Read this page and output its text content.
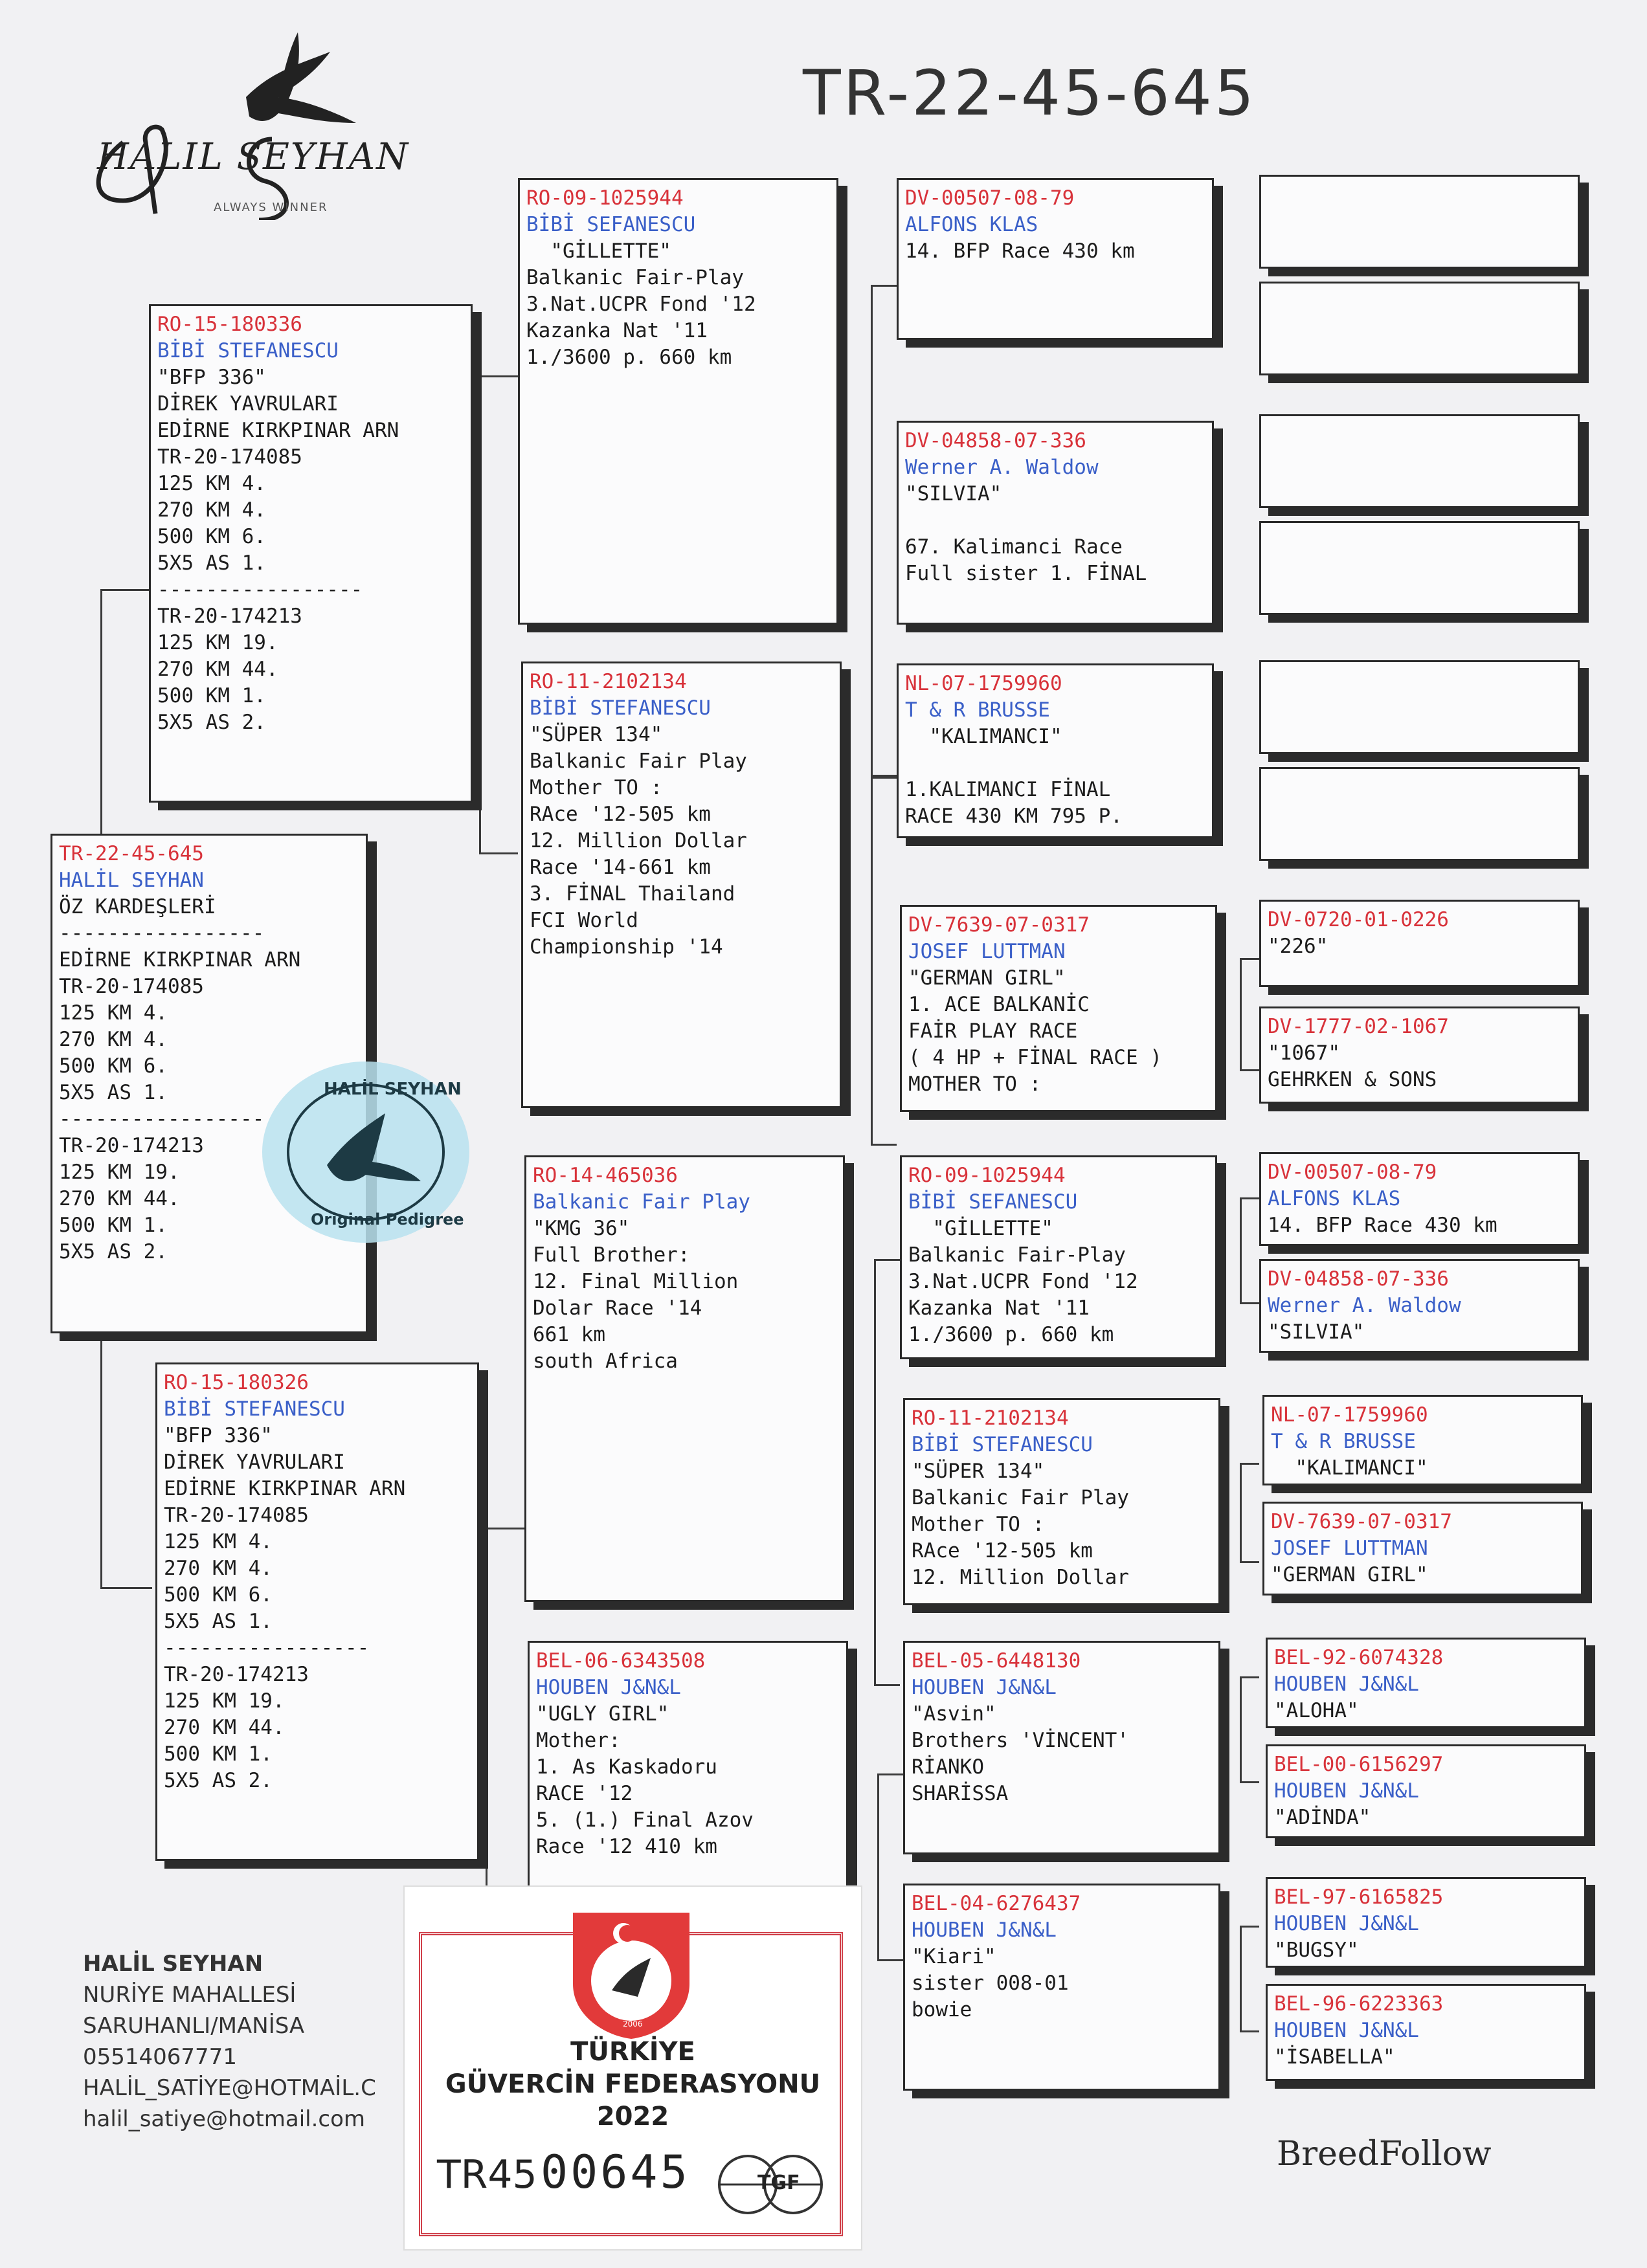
HALIL SEYHAN
ALWAYS WINNER
TR-22-45-645
TR-22-45-645
HALİL SEYHAN
ÖZ KARDEŞLERİ
-----------------
EDİRNE KIRKPINAR ARN
TR-20-174085
125 KM 4.
270 KM 4.
500 KM 6.
5X5 AS 1.
-----------------
TR-20-174213
125 KM 19.
270 KM 44.
500 KM 1.
5X5 AS 2.
RO-15-180336
BİBİ STEFANESCU
"BFP 336"
DİREK YAVRULARI
EDİRNE KIRKPINAR ARN
TR-20-174085
125 KM 4.
270 KM 4.
500 KM 6.
5X5 AS 1.
-----------------
TR-20-174213
125 KM 19.
270 KM 44.
500 KM 1.
5X5 AS 2.
RO-15-180326
BİBİ STEFANESCU
"BFP 336"
DİREK YAVRULARI
EDİRNE KIRKPINAR ARN
TR-20-174085
125 KM 4.
270 KM 4.
500 KM 6.
5X5 AS 1.
-----------------
TR-20-174213
125 KM 19.
270 KM 44.
500 KM 1.
5X5 AS 2.
RO-09-1025944
BİBİ SEFANESCU
"GİLLETTE"
Balkanic Fair-Play
3.Nat.UCPR Fond '12
Kazanka Nat '11
1./3600 p. 660 km
RO-11-2102134
BİBİ STEFANESCU
"SÜPER 134"
Balkanic Fair Play
Mother TO :
RAce '12-505 km
12. Million Dollar
Race '14-661 km
3. FİNAL Thailand
FCI World
Championship '14
RO-14-465036
Balkanic Fair Play
"KMG 36"
Full Brother:
12. Final Million
Dolar Race '14
661 km
south Africa
BEL-06-6343508
HOUBEN J&N&L
"UGLY GIRL"
Mother:
1. As Kaskadoru
RACE '12
5. (1.) Final Azov
Race '12 410 km
DV-00507-08-79
ALFONS KLAS
14. BFP Race 430 km
DV-04858-07-336
Werner A. Waldow
"SILVIA"

67. Kalimanci Race
Full sister 1. FİNAL
NL-07-1759960
T & R BRUSSE
"KALIMANCI"

1.KALIMANCI FİNAL
RACE 430 KM 795 P.
DV-7639-07-0317
JOSEF LUTTMAN
"GERMAN GIRL"
1. ACE BALKANİC
FAİR PLAY RACE
( 4 HP + FİNAL RACE )
MOTHER TO :
RO-09-1025944
BİBİ SEFANESCU
"GİLLETTE"
Balkanic Fair-Play
3.Nat.UCPR Fond '12
Kazanka Nat '11
1./3600 p. 660 km
RO-11-2102134
BİBİ STEFANESCU
"SÜPER 134"
Balkanic Fair Play
Mother TO :
RAce '12-505 km
12. Million Dollar
BEL-05-6448130
HOUBEN J&N&L
"Asvin"
Brothers 'VİNCENT'
RİANKO
SHARİSSA
BEL-04-6276437
HOUBEN J&N&L
"Kiari"
sister 008-01
bowie
DV-0720-01-0226
"226"
DV-1777-02-1067
"1067"
GEHRKEN & SONS
DV-00507-08-79
ALFONS KLAS
14. BFP Race 430 km
DV-04858-07-336
Werner A. Waldow
"SILVIA"
NL-07-1759960
T & R BRUSSE
"KALIMANCI"
DV-7639-07-0317
JOSEF LUTTMAN
"GERMAN GIRL"
BEL-92-6074328
HOUBEN J&N&L
"ALOHA"
BEL-00-6156297
HOUBEN J&N&L
"ADİNDA"
BEL-97-6165825
HOUBEN J&N&L
"BUGSY"
BEL-96-6223363
HOUBEN J&N&L
"İSABELLA"
HALİL SEYHAN
Original Pedigree
HALİL SEYHAN
NURİYE MAHALLESİ
SARUHANLI/MANİSA
05514067771
HALİL_SATİYE@HOTMAİL.C
halil_satiye@hotmail.com
TGF
2006
TÜRKİYE
GÜVERCİN FEDERASYONU
2022
TR45 00645	TGF
BreedFollow
